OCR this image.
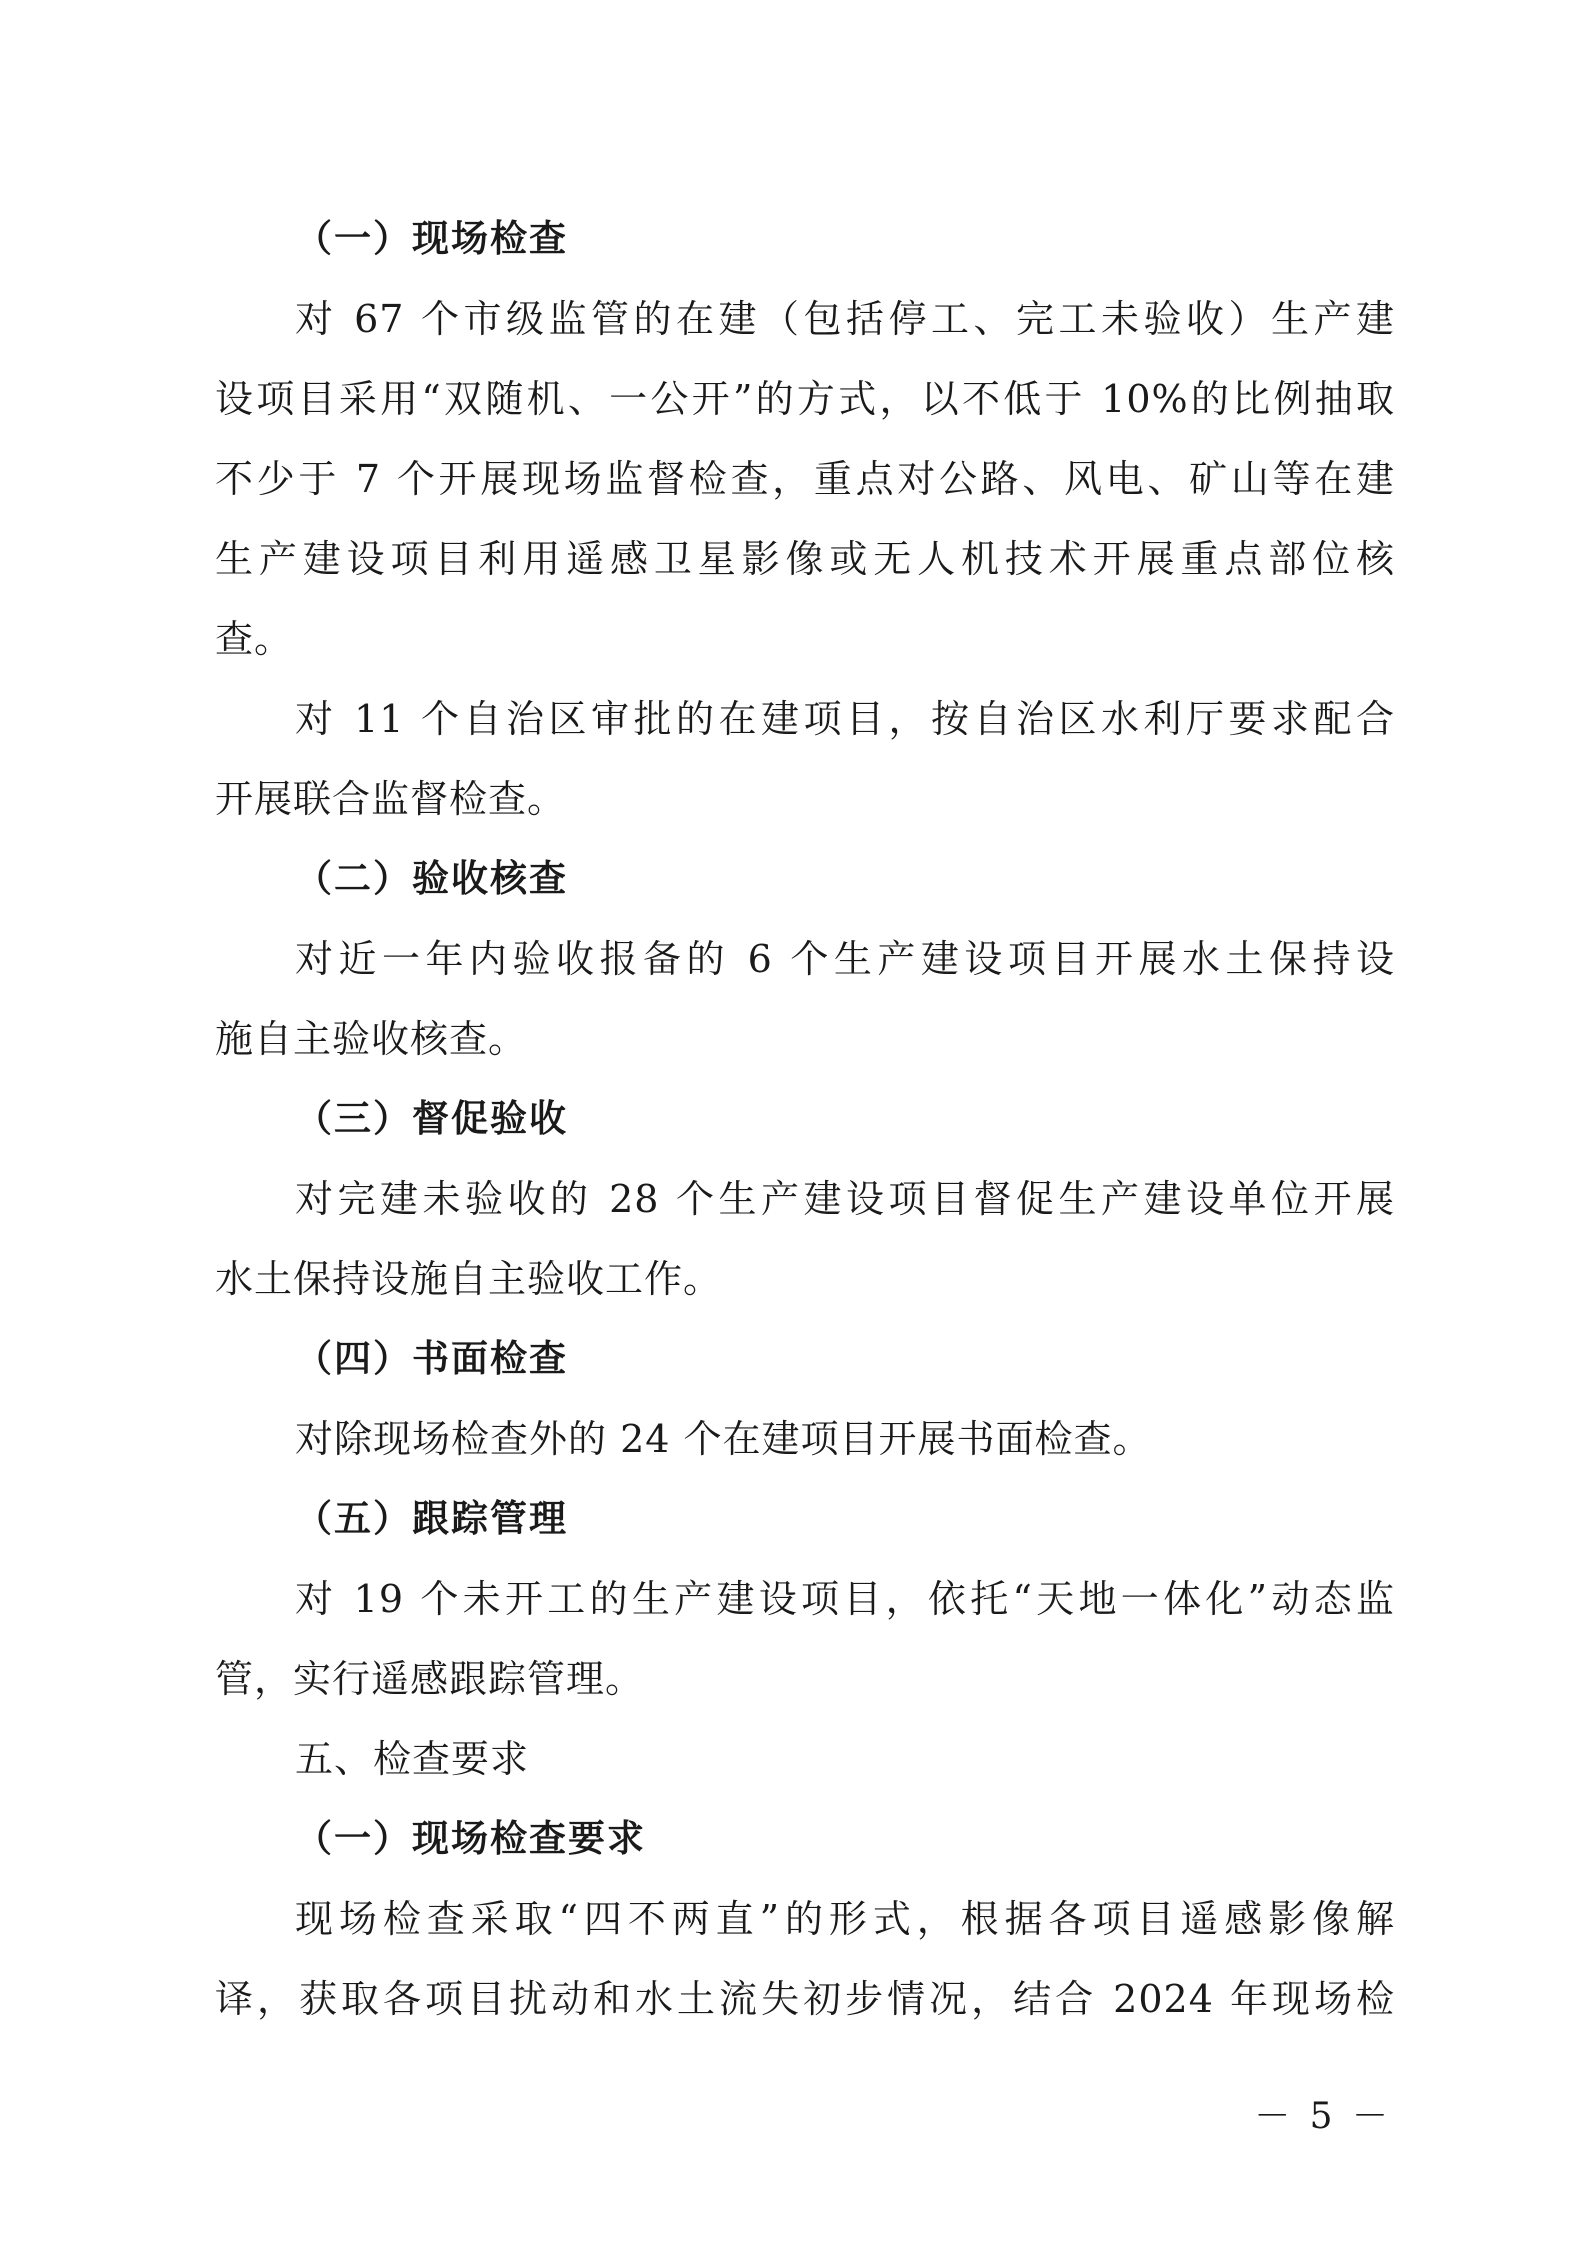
（一）现场检查
对 67 个市级监管的在建（包括停工、完工未验收）生产建
设项目采用“双随机、一公开”的方式，以不低于 10%的比例抽取
不少于 7 个开展现场监督检查，重点对公路、风电、矿山等在建
生产建设项目利用遥感卫星影像或无人机技术开展重点部位核
查。
对 11 个自治区审批的在建项目，按自治区水利厅要求配合
开展联合监督检查。
（二）验收核查
对近一年内验收报备的 6 个生产建设项目开展水土保持设
施自主验收核查。
（三）督促验收
对完建未验收的 28 个生产建设项目督促生产建设单位开展
水土保持设施自主验收工作。
（四）书面检查
对除现场检查外的 24 个在建项目开展书面检查。
（五）跟踪管理
对 19 个未开工的生产建设项目，依托“天地一体化”动态监
管，实行遥感跟踪管理。
五、检查要求
（一）现场检查要求
现场检查采取“四不两直”的形式，根据各项目遥感影像解
译，获取各项目扰动和水土流失初步情况，结合 2024 年现场检
－ 5 －
